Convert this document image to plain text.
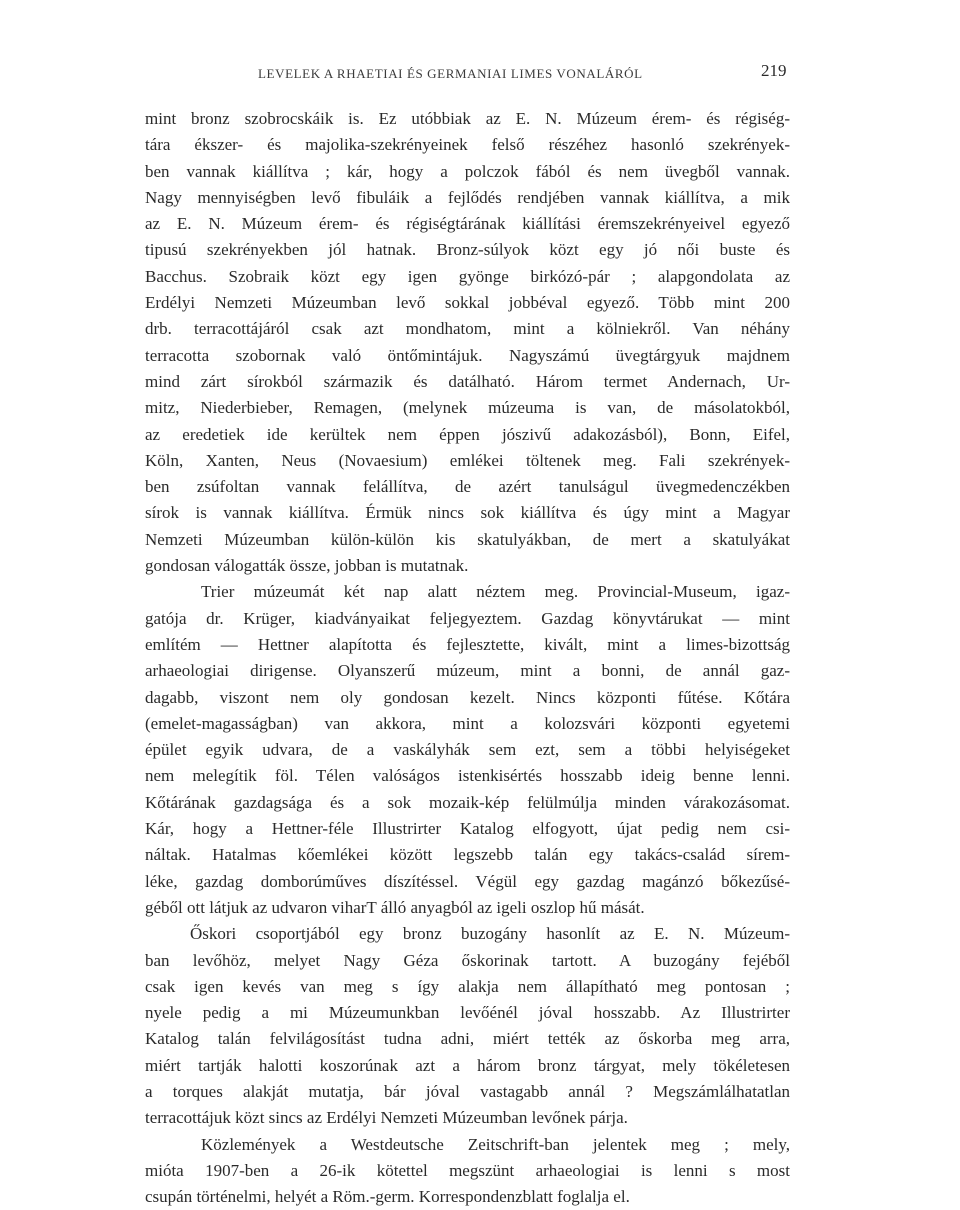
LEVELEK A RHAETIAI ÉS GERMANIAI LIMES VONALÁRÓL	219
mint bronz szobrocskáik is. Ez utóbbiak az E. N. Múzeum érem- és régiség-
tára ékszer- és majolika-szekrényeinek felső részéhez hasonló szekrények-
ben vannak kiállítva ; kár, hogy a polczok fából és nem üvegből vannak.
Nagy mennyiségben levő fibuláik a fejlődés rendjében vannak kiállítva, a mik
az E. N. Múzeum érem- és régiségtárának kiállítási éremszekrényeivel egyező
tipusú szekrényekben jól hatnak. Bronz-súlyok közt egy jó női buste és
Bacchus. Szobraik közt egy igen gyönge birkózó-pár ; alapgondolata az
Erdélyi Nemzeti Múzeumban levő sokkal jobbéval egyező. Több mint 200
drb. terracottájáról csak azt mondhatom, mint a kölniekről. Van néhány
terracotta szobornak való öntőmintájuk. Nagyszámú üvegtárgyuk majdnem
mind zárt sírokból származik és datálható. Három termet Andernach, Ur-
mitz, Niederbieber, Remagen, (melynek múzeuma is van, de másolatokból,
az eredetiek ide kerültek nem éppen jószivű adakozásból), Bonn, Eifel,
Köln, Xanten, Neus (Novaesium) emlékei töltenek meg. Fali szekrények-
ben zsúfoltan vannak felállítva, de azért tanulságul üvegmedenczékben
sírok is vannak kiállítva. Érmük nincs sok kiállítva és úgy mint a Magyar
Nemzeti Múzeumban külön-külön kis skatulyákban, de mert a skatulyákat
gondosan válogatták össze, jobban is mutatnak.
Trier múzeumát két nap alatt néztem meg. Provincial-Museum, igaz-
gatója dr. Krüger, kiadványaikat feljegyeztem. Gazdag könyvtárukat — mint
említém — Hettner alapította és fejlesztette, kivált, mint a limes-bizottság
arhaeologiai dirigense. Olyanszerű múzeum, mint a bonni, de annál gaz-
dagabb, viszont nem oly gondosan kezelt. Nincs központi fűtése. Kőtára
(emelet-magasságban) van akkora, mint a kolozsvári központi egyetemi
épület egyik udvara, de a vaskályhák sem ezt, sem a többi helyiségeket
nem melegítik föl. Télen valóságos istenkisértés hosszabb ideig benne lenni.
Kőtárának gazdagsága és a sok mozaik-kép felülmúlja minden várakozásomat.
Kár, hogy a Hettner-féle Illustrirter Katalog elfogyott, újat pedig nem csi-
náltak. Hatalmas kőemlékei között legszebb talán egy takács-család sírem-
léke, gazdag domborúműves díszítéssel. Végül egy gazdag magánzó bőkezűsé-
géből ott látjuk az udvaron viharT álló anyagból az igeli oszlop hű mását.
Őskori csoportjából egy bronz buzogány hasonlít az E. N. Múzeum-
ban levőhöz, melyet Nagy Géza őskorinak tartott. A buzogány fejéből
csak igen kevés van meg s így alakja nem állapítható meg pontosan ;
nyele pedig a mi Múzeumunkban levőénél jóval hosszabb. Az Illustrirter
Katalog talán felvilágosítást tudna adni, miért tették az őskorba meg arra,
miért tartják halotti koszorúnak azt a három bronz tárgyat, mely tökéletesen
a torques alakját mutatja, bár jóval vastagabb annál ? Megszámlálhatatlan
terracottájuk közt sincs az Erdélyi Nemzeti Múzeumban levőnek párja.
Közlemények a Westdeutsche Zeitschrift-ban jelentek meg ; mely,
mióta 1907-ben a 26-ik kötettel megszünt arhaeologiai is lenni s most
csupán történelmi, helyét a Röm.-germ. Korrespondenzblatt foglalja el.
